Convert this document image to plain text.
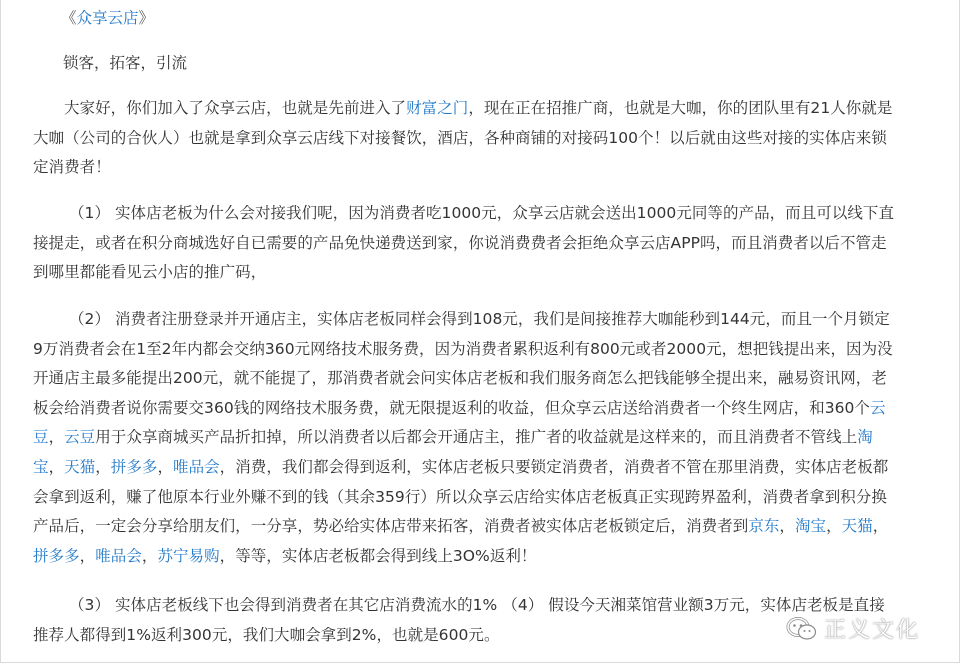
《众享云店》
锁客，拓客，引流
大家好，你们加入了众享云店，也就是先前进入了财富之门，现在正在招推广商，也就是大咖，你的团队里有21人你就是
大咖（公司的合伙人）也就是拿到众享云店线下对接餐饮，酒店，各种商铺的对接码100个！以后就由这些对接的实体店来锁
定消费者！
（1） 实体店老板为什么会对接我们呢，因为消费者吃1000元，众享云店就会送出1000元同等的产品，而且可以线下直
接提走，或者在积分商城选好自已需要的产品免快递费送到家，你说消费费者会拒绝众享云店APP吗，而且消费者以后不管走
到哪里都能看见云小店的推广码，
（2） 消费者注册登录并开通店主，实体店老板同样会得到108元，我们是间接推荐大咖能秒到144元，而且一个月锁定
9万消费者会在1至2年内都会交纳360元网络技术服务费，因为消费者累积返利有800元或者2000元，想把钱提出来，因为没
开通店主最多能提出200元，就不能提了，那消费者就会问实体店老板和我们服务商怎么把钱能够全提出来，融易资讯网，老
板会给消费者说你需要交360钱的网络技术服务费，就无限提返利的收益，但众享云店送给消费者一个终生网店，和360个云
豆，云豆用于众享商城买产品折扣掉，所以消费者以后都会开通店主，推广者的收益就是这样来的，而且消费者不管线上淘
宝，天猫，拼多多，唯品会，消费，我们都会得到返利，实体店老板只要锁定消费者，消费者不管在那里消费，实体店老板都
会拿到返利，赚了他原本行业外赚不到的钱（其余359行）所以众享云店给实体店老板真正实现跨界盈利，消费者拿到积分换
产品后，一定会分享给朋友们，一分享，势必给实体店带来拓客，消费者被实体店老板锁定后，消费者到京东，淘宝，天猫，
拼多多，唯品会，苏宁易购，等等，实体店老板都会得到线上3O%返利！
（3） 实体店老板线下也会得到消费者在其它店消费流水的1% （4） 假设今天湘菜馆营业额3万元，实体店老板是直接
推荐人都得到1%返利300元，我们大咖会拿到2%，也就是600元。	正义文化
